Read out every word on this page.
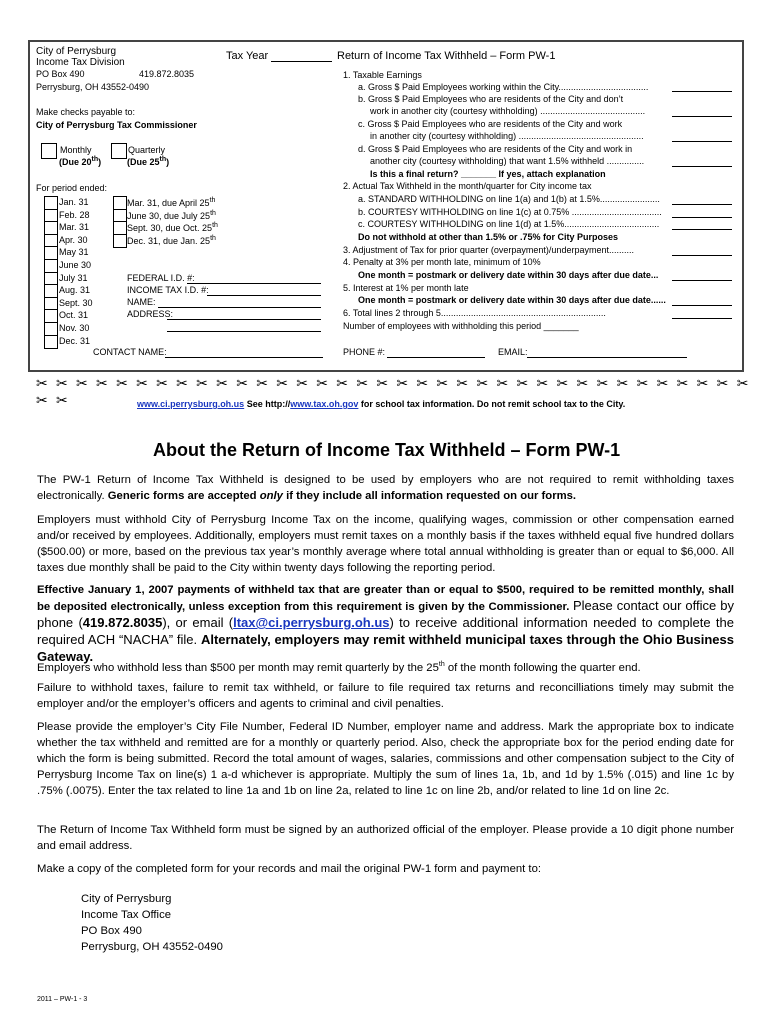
City of Perrysburg
Income Tax Division
PO Box 490	419.872.8035
Perrysburg, OH 43552-0490
Make checks payable to:
City of Perrysburg Tax Commissioner
Tax Year	Return of Income Tax Withheld – Form PW-1
Monthly
(Due 20th)
Quarterly
(Due 25th)
For period ended:
Jan. 31
Feb. 28
Mar. 31
Apr. 30
May 31
June 30
July 31
Aug. 31
Sept. 30
Oct. 31
Nov. 30
Dec. 31
Mar. 31, due April 25th
June 30, due July 25th
Sept. 30, due Oct. 25th
Dec. 31, due Jan. 25th
FEDERAL I.D. #:
INCOME TAX I.D. #:
NAME:
ADDRESS:
CONTACT NAME:	PHONE #:	EMAIL:
1. Taxable Earnings
a. Gross $ Paid Employees working within the City....................................
b. Gross $ Paid Employees who are residents of the City and don’t
work in another city (courtesy withholding) ..........................................
c. Gross $ Paid Employees who are residents of the City and work
in another city (courtesy withholding) ..................................................
d. Gross $ Paid Employees who are residents of the City and work in
another city (courtesy withholding) that want 1.5% withheld ...............
Is this a final return? _______ If yes, attach explanation
2. Actual Tax Withheld in the month/quarter for City income tax
a. STANDARD WITHHOLDING on line 1(a) and 1(b) at 1.5%........................
b. COURTESY WITHHOLDING on line 1(c) at 0.75% ....................................
c. COURTESY WITHHOLDING on line 1(d) at 1.5%......................................
Do not withhold at other than 1.5% or .75% for City Purposes
3. Adjustment of Tax for prior quarter (overpayment)/underpayment..........
4. Penalty at 3% per month late, minimum of 10%
One month = postmark or delivery date within 30 days after due date...
5. Interest at 1% per month late
One month = postmark or delivery date within 30 days after due date......
6. Total lines 2 through 5..................................................................
Number of employees with withholding this period _______
✂ ✂ ✂ ✂ ✂ ✂ ✂ ✂ ✂ ✂ ✂ ✂ ✂ ✂ ✂ ✂ ✂ ✂ ✂ ✂ ✂ ✂ ✂ ✂ ✂ ✂ ✂ ✂ ✂ ✂ ✂ ✂ ✂ ✂ ✂ ✂ ✂ ✂	www.ci.perrysburg.oh.us See http://www.tax.oh.gov for school tax information. Do not remit school tax to the City.
About the Return of Income Tax Withheld – Form PW-1
The PW-1 Return of Income Tax Withheld is designed to be used by employers who are not required to remit withholding taxes electronically. Generic forms are accepted only if they include all information requested on our forms.
Employers must withhold City of Perrysburg Income Tax on the income, qualifying wages, commission or other compensation earned and/or received by employees. Additionally, employers must remit taxes on a monthly basis if the taxes withheld equal five hundred dollars ($500.00) or more, based on the previous tax year’s monthly average where total annual withholding is greater than or equal to $6,000. All taxes due monthly shall be paid to the City within twenty days following the reporting period.
Effective January 1, 2007 payments of withheld tax that are greater than or equal to $500, required to be remitted monthly, shall be deposited electronically, unless exception from this requirement is given by the Commissioner. Please contact our office by phone (419.872.8035), or email (ltax@ci.perrysburg.oh.us) to receive additional information needed to complete the required ACH “NACHA” file. Alternately, employers may remit withheld municipal taxes through the Ohio Business Gateway.
Employers who withhold less than $500 per month may remit quarterly by the 25th of the month following the quarter end.
Failure to withhold taxes, failure to remit tax withheld, or failure to file required tax returns and reconcilliations timely may submit the employer and/or the employer’s officers and agents to criminal and civil penalties.
Please provide the employer’s City File Number, Federal ID Number, employer name and address. Mark the appropriate box to indicate whether the tax withheld and remitted are for a monthly or quarterly period. Also, check the appropriate box for the period ending date for which the form is being submitted. Record the total amount of wages, salaries, commissions and other compensation subject to the City of Perrysburg Income Tax on line(s) 1 a-d whichever is appropriate. Multiply the sum of lines 1a, 1b, and 1d by 1.5% (.015) and line 1c by .75% (.0075). Enter the tax related to line 1a and 1b on line 2a, related to line 1c on line 2b, and/or related to line 1d on line 2c.
The Return of Income Tax Withheld form must be signed by an authorized official of the employer. Please provide a 10 digit phone number and email address.
Make a copy of the completed form for your records and mail the original PW-1 form and payment to:
City of Perrysburg
Income Tax Office
PO Box 490
Perrysburg, OH 43552-0490
2011 – PW-1 - 3
